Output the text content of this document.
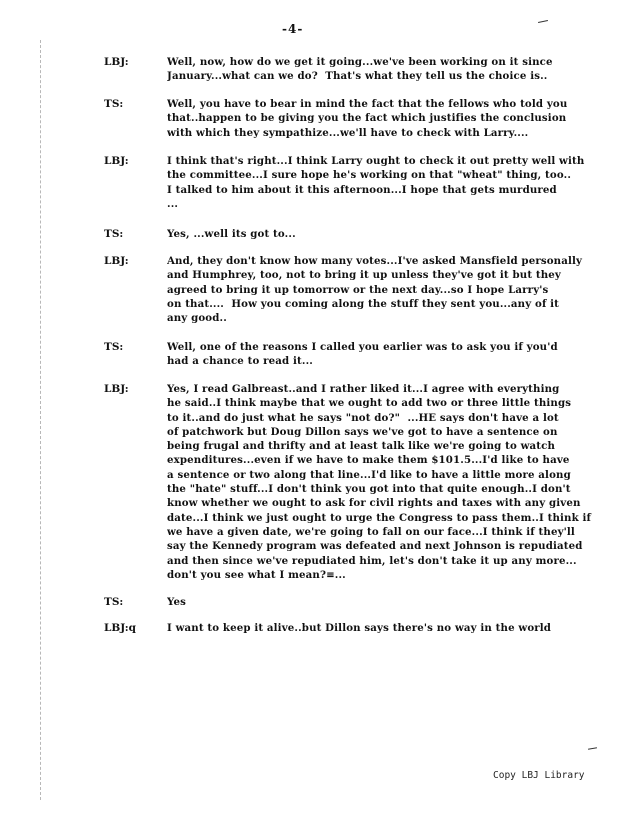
-4-
LBJ:	Well, now, how do we get it going...we've been working on it since
January...what can we do?  That's what they tell us the choice is..
TS:	Well, you have to bear in mind the fact that the fellows who told you
that..happen to be giving you the fact which justifies the conclusion
with which they sympathize...we'll have to check with Larry....
LBJ:	I think that's right...I think Larry ought to check it out pretty well with
the committee...I sure hope he's working on that "wheat" thing, too..
I talked to him about it this afternoon...I hope that gets murdured
...
TS:	Yes, ...well its got to...
LBJ:	And, they don't know how many votes...I've asked Mansfield personally
and Humphrey, too, not to bring it up unless they've got it but they
agreed to bring it up tomorrow or the next day...so I hope Larry's
on that....  How you coming along the stuff they sent you...any of it
any good..
TS:	Well, one of the reasons I called you earlier was to ask you if you'd
had a chance to read it...
LBJ:	Yes, I read Galbreast..and I rather liked it...I agree with everything
he said..I think maybe that we ought to add two or three little things
to it..and do just what he says "not do?"  ...HE says don't have a lot
of patchwork but Doug Dillon says we've got to have a sentence on
being frugal and thrifty and at least talk like we're going to watch
expenditures...even if we have to make them $101.5...I'd like to have
a sentence or two along that line...I'd like to have a little more along
the "hate" stuff...I don't think you got into that quite enough..I don't
know whether we ought to ask for civil rights and taxes with any given
date...I think we just ought to urge the Congress to pass them..I think if
we have a given date, we're going to fall on our face...I think if they'll
say the Kennedy program was defeated and next Johnson is repudiated
and then since we've repudiated him, let's don't take it up any more...
don't you see what I mean?≡...
TS:	Yes
LBJ:q	I want to keep it alive..but Dillon says there's no way in the world
Copy LBJ Library
